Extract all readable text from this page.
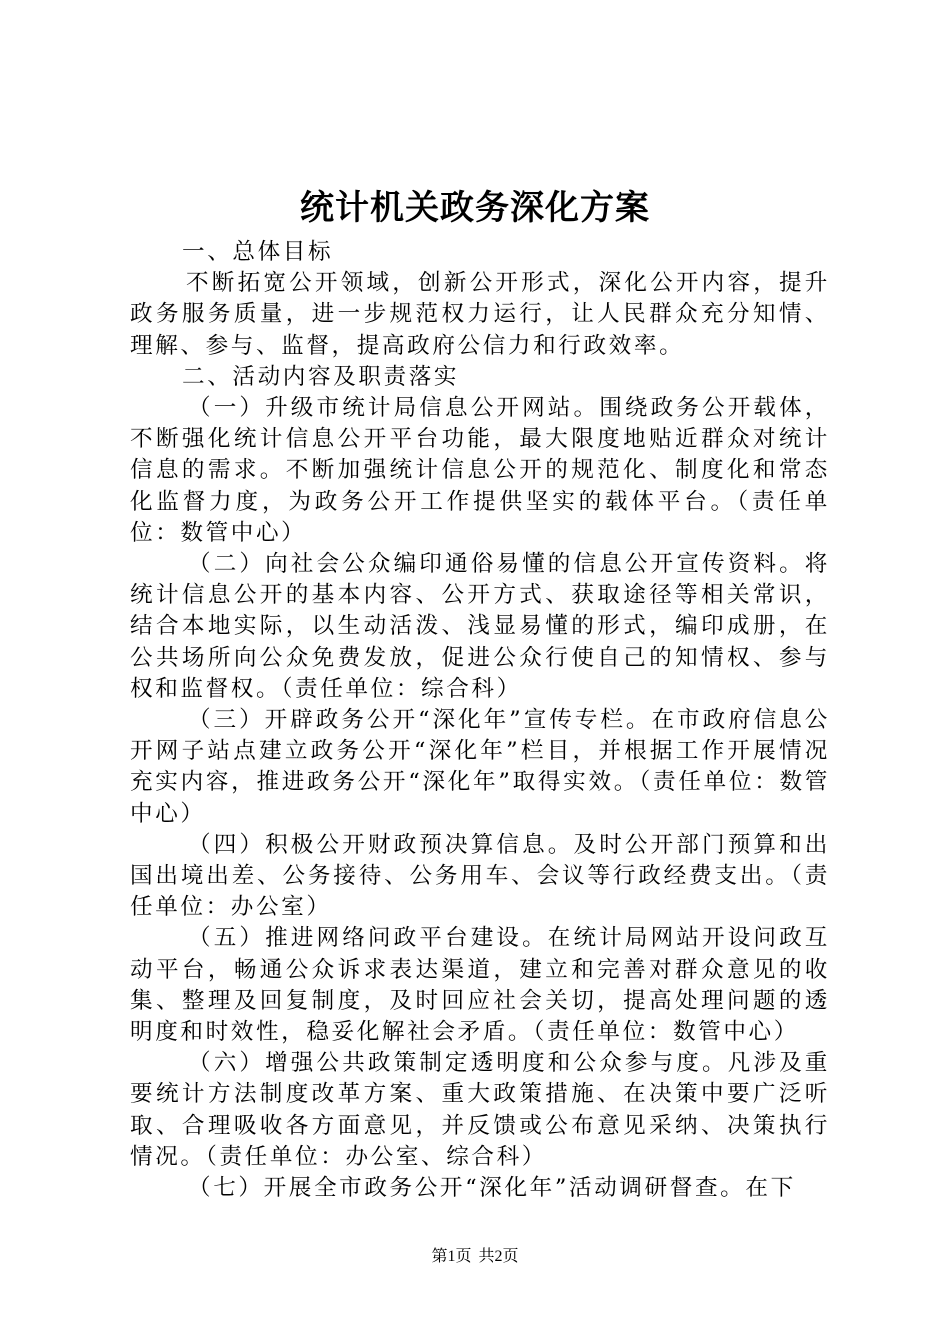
统计机关政务深化方案

一、总体目标

不断拓宽公开领域，创新公开形式，深化公开内容，提升政务服务质量，进一步规范权力运行，让人民群众充分知情、理解、参与、监督，提高政府公信力和行政效率。

二、活动内容及职责落实

（一）升级市统计局信息公开网站。围绕政务公开载体，不断强化统计信息公开平台功能，最大限度地贴近群众对统计信息的需求。不断加强统计信息公开的规范化、制度化和常态化监督力度，为政务公开工作提供坚实的载体平台。（责任单位：数管中心）

（二）向社会公众编印通俗易懂的信息公开宣传资料。将统计信息公开的基本内容、公开方式、获取途径等相关常识，结合本地实际，以生动活泼、浅显易懂的形式，编印成册，在公共场所向公众免费发放，促进公众行使自己的知情权、参与权和监督权。（责任单位：综合科）

（三）开辟政务公开“深化年”宣传专栏。在市政府信息公开网子站点建立政务公开“深化年”栏目，并根据工作开展情况充实内容，推进政务公开“深化年”取得实效。（责任单位：数管中心）

（四）积极公开财政预决算信息。及时公开部门预算和出国出境出差、公务接待、公务用车、会议等行政经费支出。（责任单位：办公室）

（五）推进网络问政平台建设。在统计局网站开设问政互动平台，畅通公众诉求表达渠道，建立和完善对群众意见的收集、整理及回复制度，及时回应社会关切，提高处理问题的透明度和时效性，稳妥化解社会矛盾。（责任单位：数管中心）

（六）增强公共政策制定透明度和公众参与度。凡涉及重要统计方法制度改革方案、重大政策措施、在决策中要广泛听取、合理吸收各方面意见，并反馈或公布意见采纳、决策执行情况。（责任单位：办公室、综合科）

（七）开展全市政务公开“深化年”活动调研督查。在下

第1页 共2页
